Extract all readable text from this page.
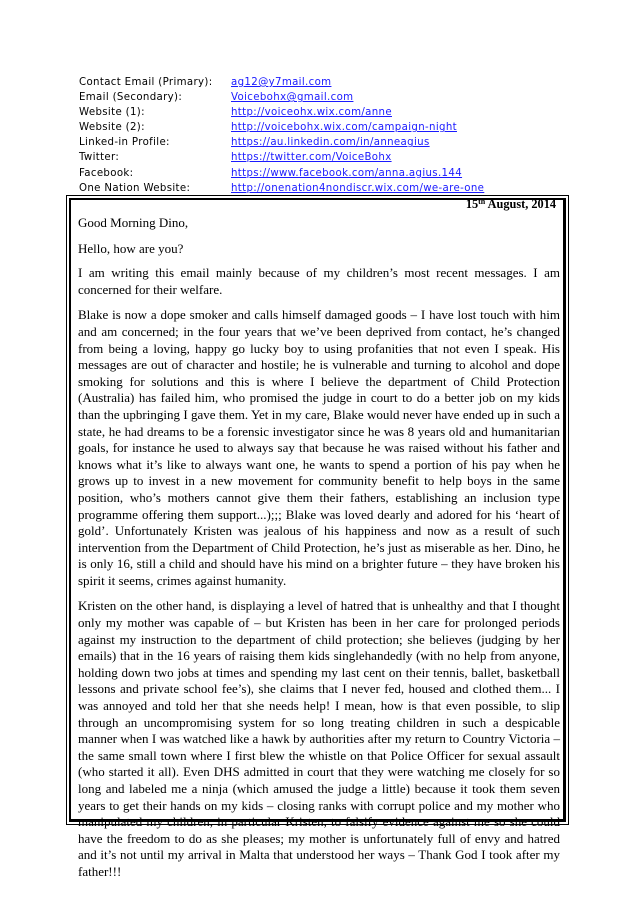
Contact Email (Primary):	ag12@y7mail.com
Email (Secondary):	Voicebohx@gmail.com
Website (1):	http://voiceohx.wix.com/anne
Website (2):	http://voicebohx.wix.com/campaign-night
Linked-in Profile:	https://au.linkedin.com/in/anneagius
Twitter:	https://twitter.com/VoiceBohx
Facebook:	https://www.facebook.com/anna.agius.144
One Nation Website:	http://onenation4nondiscr.wix.com/we-are-one
15th August, 2014

Good Morning Dino,

Hello, how are you?

I am writing this email mainly because of my children’s most recent messages. I am concerned for their welfare.

Blake is now a dope smoker and calls himself damaged goods – I have lost touch with him and am concerned; in the four years that we’ve been deprived from contact, he’s changed from being a loving, happy go lucky boy to using profanities that not even I speak. His messages are out of character and hostile; he is vulnerable and turning to alcohol and dope smoking for solutions and this is where I believe the department of Child Protection (Australia) has failed him, who promised the judge in court to do a better job on my kids than the upbringing I gave them. Yet in my care, Blake would never have ended up in such a state, he had dreams to be a forensic investigator since he was 8 years old and humanitarian goals, for instance he used to always say that because he was raised without his father and knows what it’s like to always want one, he wants to spend a portion of his pay when he grows up to invest in a new movement for community benefit to help boys in the same position, who’s mothers cannot give them their fathers, establishing an inclusion type programme offering them support...);;; Blake was loved dearly and adored for his ‘heart of gold’. Unfortunately Kristen was jealous of his happiness and now as a result of such intervention from the Department of Child Protection, he’s just as miserable as her. Dino, he is only 16, still a child and should have his mind on a brighter future – they have broken his spirit it seems, crimes against humanity.

Kristen on the other hand, is displaying a level of hatred that is unhealthy and that I thought only my mother was capable of – but Kristen has been in her care for prolonged periods against my instruction to the department of child protection; she believes (judging by her emails) that in the 16 years of raising them kids singlehandedly (with no help from anyone, holding down two jobs at times and spending my last cent on their tennis, ballet, basketball lessons and private school fee’s), she claims that I never fed, housed and clothed them... I was annoyed and told her that she needs help! I mean, how is that even possible, to slip through an uncompromising system for so long treating children in such a despicable manner when I was watched like a hawk by authorities after my return to Country Victoria – the same small town where I first blew the whistle on that Police Officer for sexual assault (who started it all). Even DHS admitted in court that they were watching me closely for so long and labeled me a ninja (which amused the judge a little) because it took them seven years to get their hands on my kids – closing ranks with corrupt police and my mother who manipulated my children, in particular Kristen, to falsify evidence against me so she could have the freedom to do as she pleases; my mother is unfortunately full of envy and hatred and it’s not until my arrival in Malta that understood her ways – Thank God I took after my father!!!
